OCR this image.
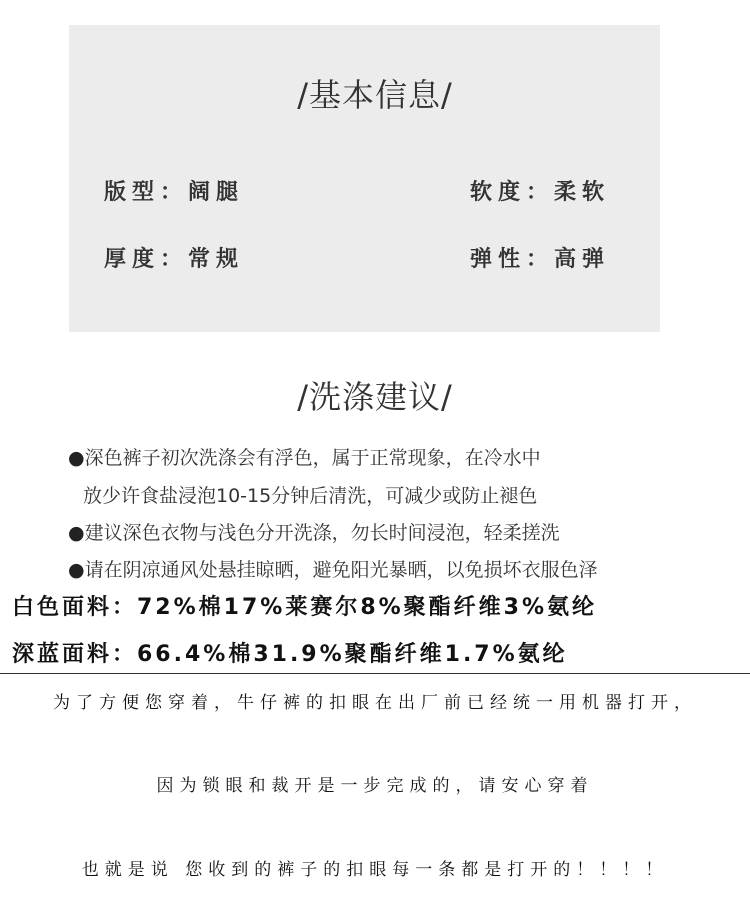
/基本信息/
版型：阔腿	软度：柔软
厚度：常规	弹性：高弹
/洗涤建议/
●深色裤子初次洗涤会有浮色，属于正常现象，在冷水中
放少许食盐浸泡10-15分钟后清洗，可减少或防止褪色
●建议深色衣物与浅色分开洗涤，勿长时间浸泡，轻柔搓洗
●请在阴凉通风处悬挂晾晒，避免阳光暴晒，以免损坏衣服色泽
白色面料：72%棉17%莱赛尔8%聚酯纤维3%氨纶
深蓝面料：66.4%棉31.9%聚酯纤维1.7%氨纶
为了方便您穿着，牛仔裤的扣眼在出厂前已经统一用机器打开，
因为锁眼和裁开是一步完成的，请安心穿着
也就是说 您收到的裤子的扣眼每一条都是打开的！！！！
